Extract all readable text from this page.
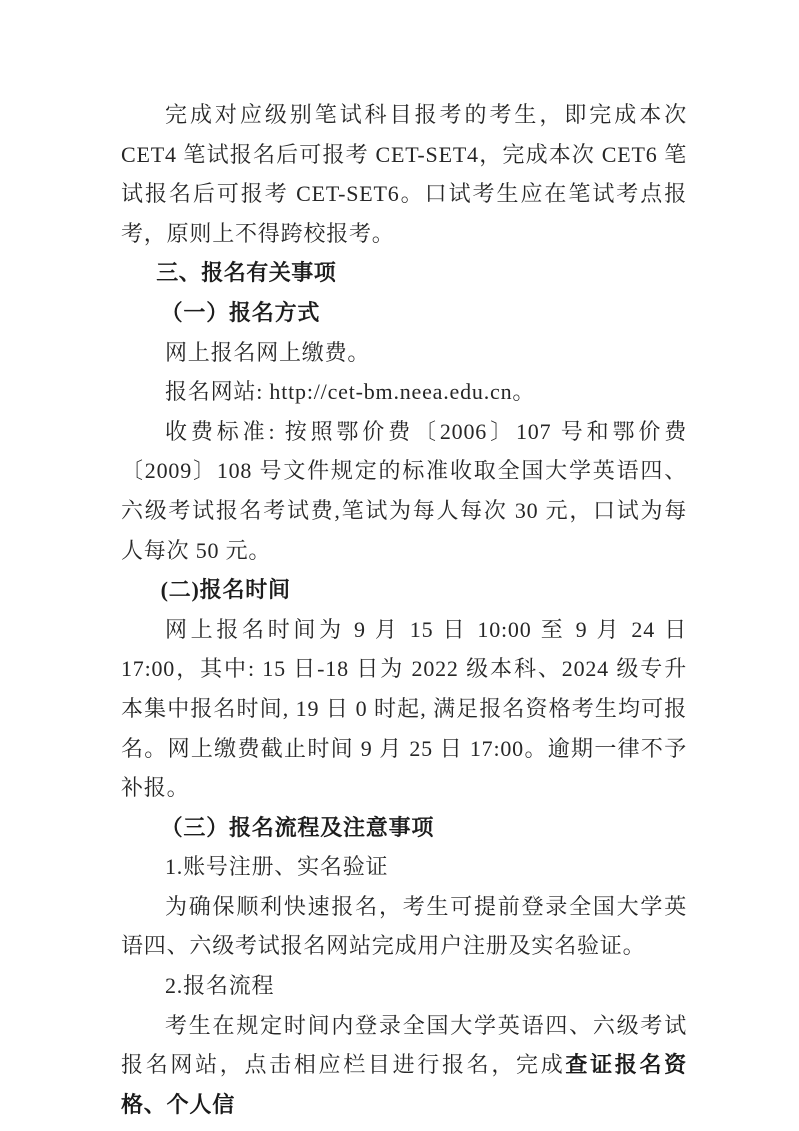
完成对应级别笔试科目报考的考生，即完成本次 CET4 笔试报名后可报考 CET-SET4，完成本次 CET6 笔试报名后可报考 CET-SET6。口试考生应在笔试考点报考，原则上不得跨校报考。

三、报名有关事项
（一）报名方式

网上报名网上缴费。

报名网站: http://cet-bm.neea.edu.cn。

收费标准: 按照鄂价费〔2006〕107 号和鄂价费〔2009〕108 号文件规定的标准收取全国大学英语四、六级考试报名考试费,笔试为每人每次 30 元，口试为每人每次 50 元。

(二)报名时间

网上报名时间为 9 月 15 日 10:00 至 9 月 24 日 17:00，其中: 15 日-18 日为 2022 级本科、2024 级专升本集中报名时间, 19 日 0 时起, 满足报名资格考生均可报名。网上缴费截止时间 9 月 25 日 17:00。逾期一律不予补报。

（三）报名流程及注意事项

1.账号注册、实名验证

为确保顺利快速报名，考生可提前登录全国大学英语四、六级考试报名网站完成用户注册及实名验证。

2.报名流程

考生在规定时间内登录全国大学英语四、六级考试报名网站，点击相应栏目进行报名，完成查证报名资格、个人信
